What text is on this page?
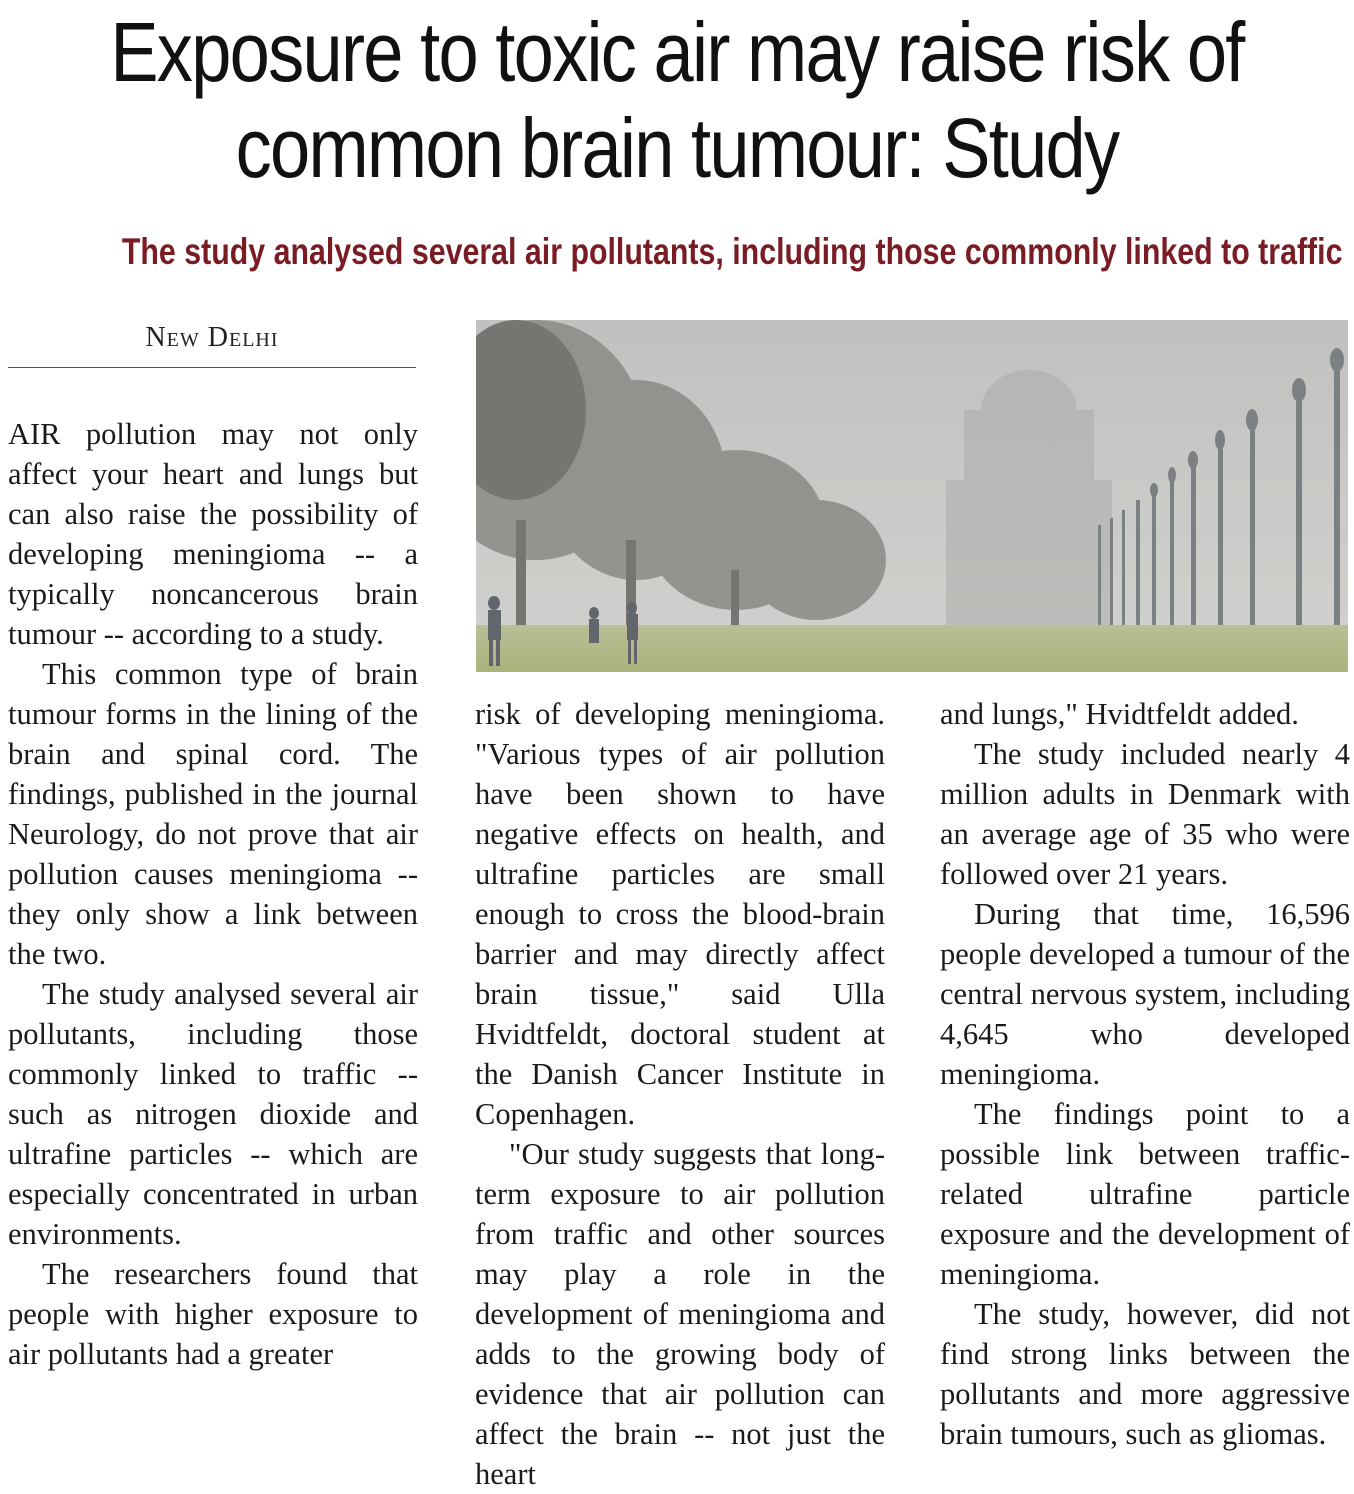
Exposure to toxic air may raise risk of common brain tumour: Study
The study analysed several air pollutants, including those commonly linked to traffic
New Delhi

AIR pollution may not only affect your heart and lungs but can also raise the possibility of developing meningioma -- a typically noncancerous brain tumour -- according to a study.

This common type of brain tumour forms in the lining of the brain and spinal cord. The findings, published in the journal Neurology, do not prove that air pollution causes meningioma -- they only show a link between the two.

The study analysed several air pollutants, including those commonly linked to traffic -- such as nitrogen dioxide and ultrafine particles -- which are especially concentrated in urban environments.

The researchers found that people with higher exposure to air pollutants had a greater

risk of developing meningioma. "Various types of air pollution have been shown to have negative effects on health, and ultrafine particles are small enough to cross the blood-brain barrier and may directly affect brain tissue," said Ulla Hvidtfeldt, doctoral student at the Danish Cancer Institute in Copenhagen.

"Our study suggests that long-term exposure to air pollution from traffic and other sources may play a role in the development of meningioma and adds to the growing body of evidence that air pollution can affect the brain -- not just the heart

and lungs," Hvidtfeldt added.

The study included nearly 4 million adults in Denmark with an average age of 35 who were followed over 21 years.

During that time, 16,596 people developed a tumour of the central nervous system, including 4,645 who developed meningioma.

The findings point to a possible link between traffic-related ultrafine particle exposure and the development of meningioma.

The study, however, did not find strong links between the pollutants and more aggressive brain tumours, such as gliomas.
